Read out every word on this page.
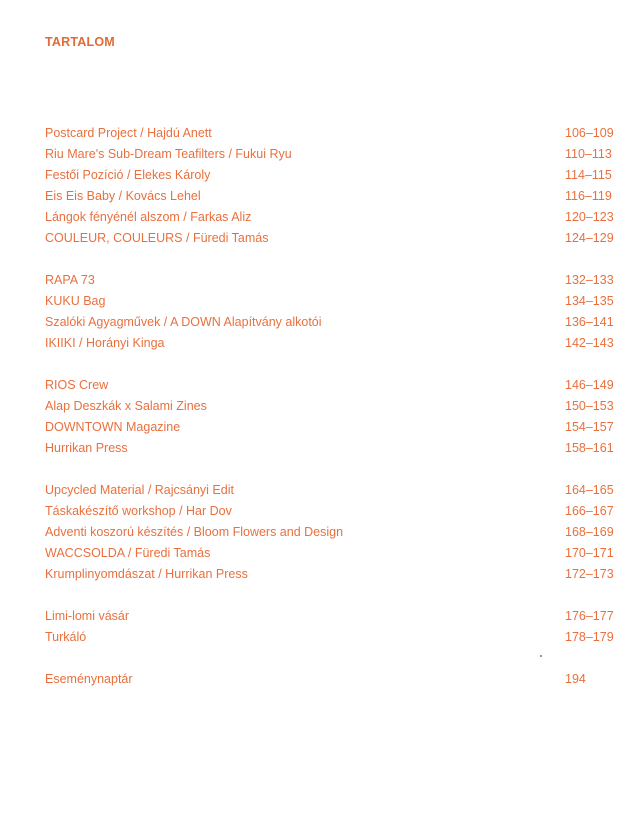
TARTALOM
Postcard Project / Hajdú Anett	106–109
Riu Mare's Sub-Dream Teafilters / Fukui Ryu	110–113
Festői Pozíció / Elekes Károly	114–115
Eis Eis Baby / Kovács Lehel	116–119
Lángok fényénél alszom / Farkas Aliz	120–123
COULEUR, COULEURS / Füredi Tamás	124–129
RAPA 73	132–133
KUKU Bag	134–135
Szalóki Agyagművek / A DOWN Alapítvány alkotói	136–141
IKIIKI / Horányi Kinga	142–143
RIOS Crew	146–149
Alap Deszkák x Salami Zines	150–153
DOWNTOWN Magazine	154–157
Hurrikan Press	158–161
Upcycled Material / Rajcsányi Edit	164–165
Táskakészítő workshop / Har Dov	166–167
Adventi koszorú készítés / Bloom Flowers and Design	168–169
WACCSOLDA / Füredi Tamás	170–171
Krumplinyomdászat / Hurrikan Press	172–173
Limi-lomi vásár	176–177
Turkáló	178–179
Eseménynaptár	194
